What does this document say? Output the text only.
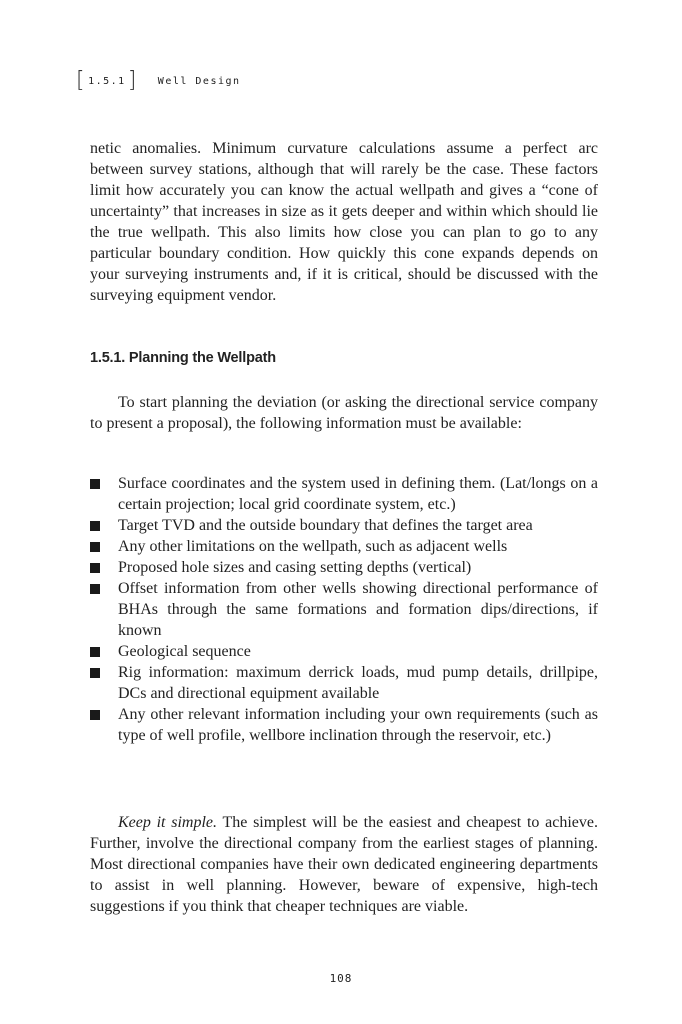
[ 1.5.1 ] Well Design

netic anomalies. Minimum curvature calculations assume a perfect arc between survey stations, although that will rarely be the case. These factors limit how accurately you can know the actual wellpath and gives a “cone of uncertainty” that increases in size as it gets deeper and within which should lie the true wellpath. This also limits how close you can plan to go to any particular boundary condition. How quickly this cone expands depends on your surveying instruments and, if it is critical, should be discussed with the surveying equipment vendor.

1.5.1. Planning the Wellpath

To start planning the deviation (or asking the directional service company to present a proposal), the following information must be available:

Surface coordinates and the system used in defining them. (Lat/longs on a certain projection; local grid coordinate system, etc.)
Target TVD and the outside boundary that defines the target area
Any other limitations on the wellpath, such as adjacent wells
Proposed hole sizes and casing setting depths (vertical)
Offset information from other wells showing directional performance of BHAs through the same formations and formation dips/directions, if known
Geological sequence
Rig information: maximum derrick loads, mud pump details, drillpipe, DCs and directional equipment available
Any other relevant information including your own requirements (such as type of well profile, wellbore inclination through the reservoir, etc.)

Keep it simple. The simplest will be the easiest and cheapest to achieve. Further, involve the directional company from the earliest stages of planning. Most directional companies have their own dedicated engineering departments to assist in well planning. However, beware of expensive, high-tech suggestions if you think that cheaper techniques are viable.

108
